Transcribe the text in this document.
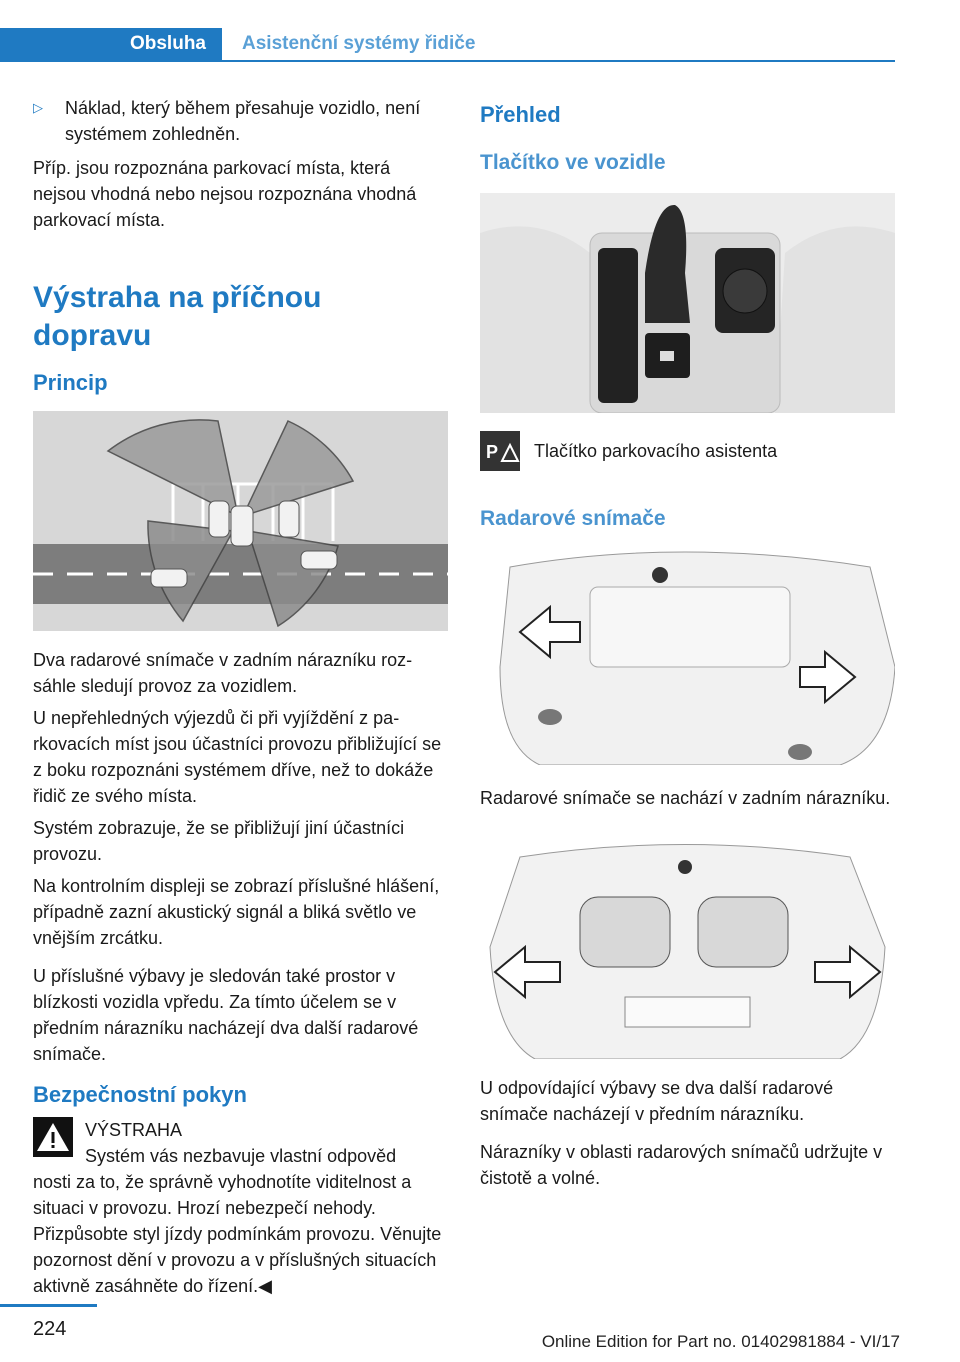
Obsluha	Asistenční systémy řidiče
▷	Náklad, který během přesahuje vozidlo, není systémem zohledněn.

Příp. jsou rozpoznána parkovací místa, která nejsou vhodná nebo nejsou rozpoznána vhodná parkovací místa.

Výstraha na příčnou dopravu
Princip

Dva radarové snímače v zadním nárazníku rozsáhle sledují provoz za vozidlem.

U nepřehledných výjezdů či při vyjíždění z parkovacích míst jsou účastníci provozu přibližující se z boku rozpoznáni systémem dříve, než to dokáže řidič ze svého místa.

Systém zobrazuje, že se přibližují jiní účastníci provozu.

Na kontrolním displeji se zobrazí příslušné hlášení, případně zazní akustický signál a bliká světlo ve vnějším zrcátku.

U příslušné výbavy je sledován také prostor v blízkosti vozidla vpředu. Za tímto účelem se v předním nárazníku nacházejí dva další radarové snímače.

Bezpečnostní pokyn

VÝSTRAHA

Systém vás nezbavuje vlastní odpověd

nosti za to, že správně vyhodnotíte viditelnost a situaci v provozu. Hrozí nebezpečí nehody. Přizpůsobte styl jízdy podmínkám provozu. Věnujte pozornost dění v provozu a v příslušných situacích aktivně zasáhněte do řízení.◀

Přehled
Tlačítko ve vozidle
P Tlačítko parkovacího asistenta

Radarové snímače

Radarové snímače se nachází v zadním nárazníku.

U odpovídající výbavy se dva další radarové snímače nacházejí v předním nárazníku.

Nárazníky v oblasti radarových snímačů udržujte v čistotě a volné.

224
Online Edition for Part no. 01402981884 - VI/17
